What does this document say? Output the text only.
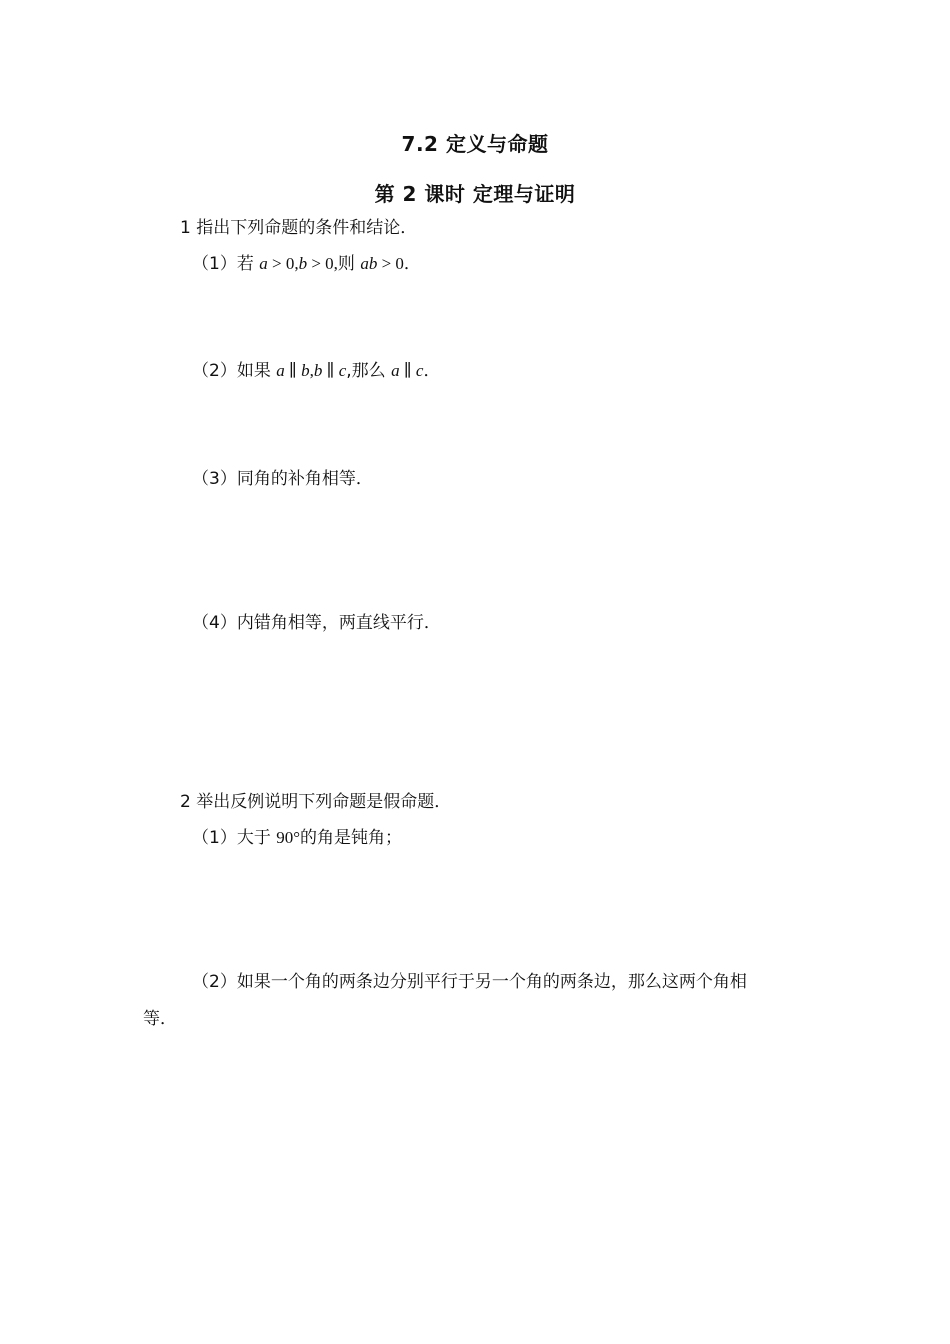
7.2 定义与命题
第 2 课时 定理与证明
1 指出下列命题的条件和结论．
（1）若 a > 0,b > 0,则 ab > 0．
（2）如果 a ∥ b,b ∥ c,那么 a ∥ c．
（3）同角的补角相等．
（4）内错角相等，两直线平行．
2 举出反例说明下列命题是假命题．
（1）大于 90°的角是钝角；
（2）如果一个角的两条边分别平行于另一个角的两条边，那么这两个角相
等．
